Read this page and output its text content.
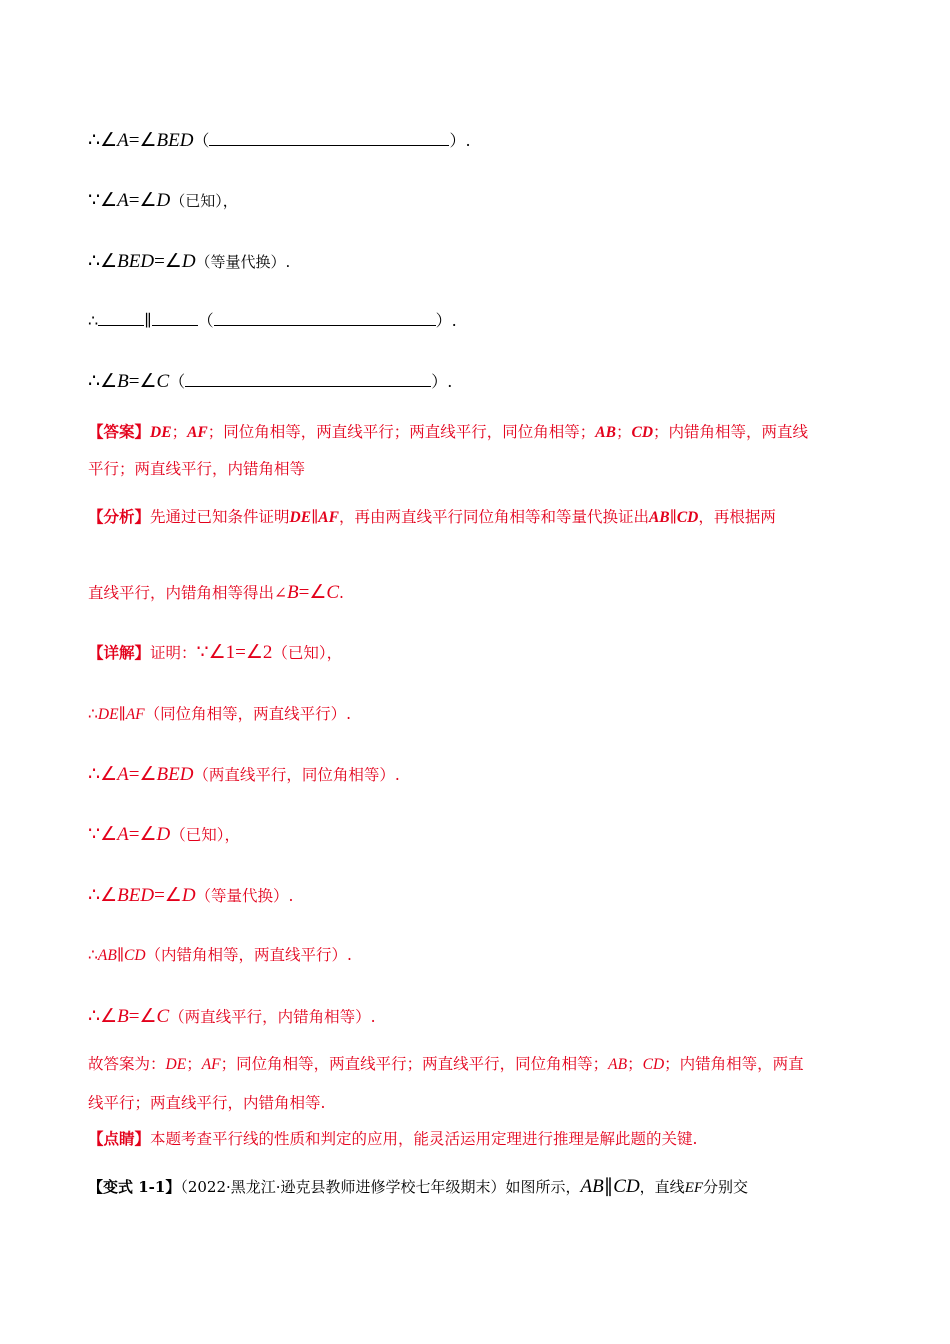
∴∠A=∠BED（	）.
∵∠A=∠D（已知），
∴∠BED=∠D（等量代换）.
∴	∥	（	）.
∴∠B=∠C（	）.
【答案】DE；AF；同位角相等，两直线平行；两直线平行，同位角相等；AB；CD；内错角相等，两直线
平行；两直线平行，内错角相等
【分析】先通过已知条件证明DE∥AF，再由两直线平行同位角相等和等量代换证出AB∥CD，再根据两
直线平行，内错角相等得出∠B=∠C.
【详解】证明：∵∠1=∠2（已知），
∴DE∥AF（同位角相等，两直线平行）.
∴∠A=∠BED（两直线平行，同位角相等）.
∵∠A=∠D（已知），
∴∠BED=∠D（等量代换）.
∴AB∥CD（内错角相等，两直线平行）.
∴∠B=∠C（两直线平行，内错角相等）.
故答案为：DE；AF；同位角相等，两直线平行；两直线平行，同位角相等；AB；CD；内错角相等，两直
线平行；两直线平行，内错角相等.
【点睛】本题考查平行线的性质和判定的应用，能灵活运用定理进行推理是解此题的关键.
【变式 1-1】（2022·黑龙江·逊克县教师进修学校七年级期末）如图所示，AB∥CD，直线EF分别交
